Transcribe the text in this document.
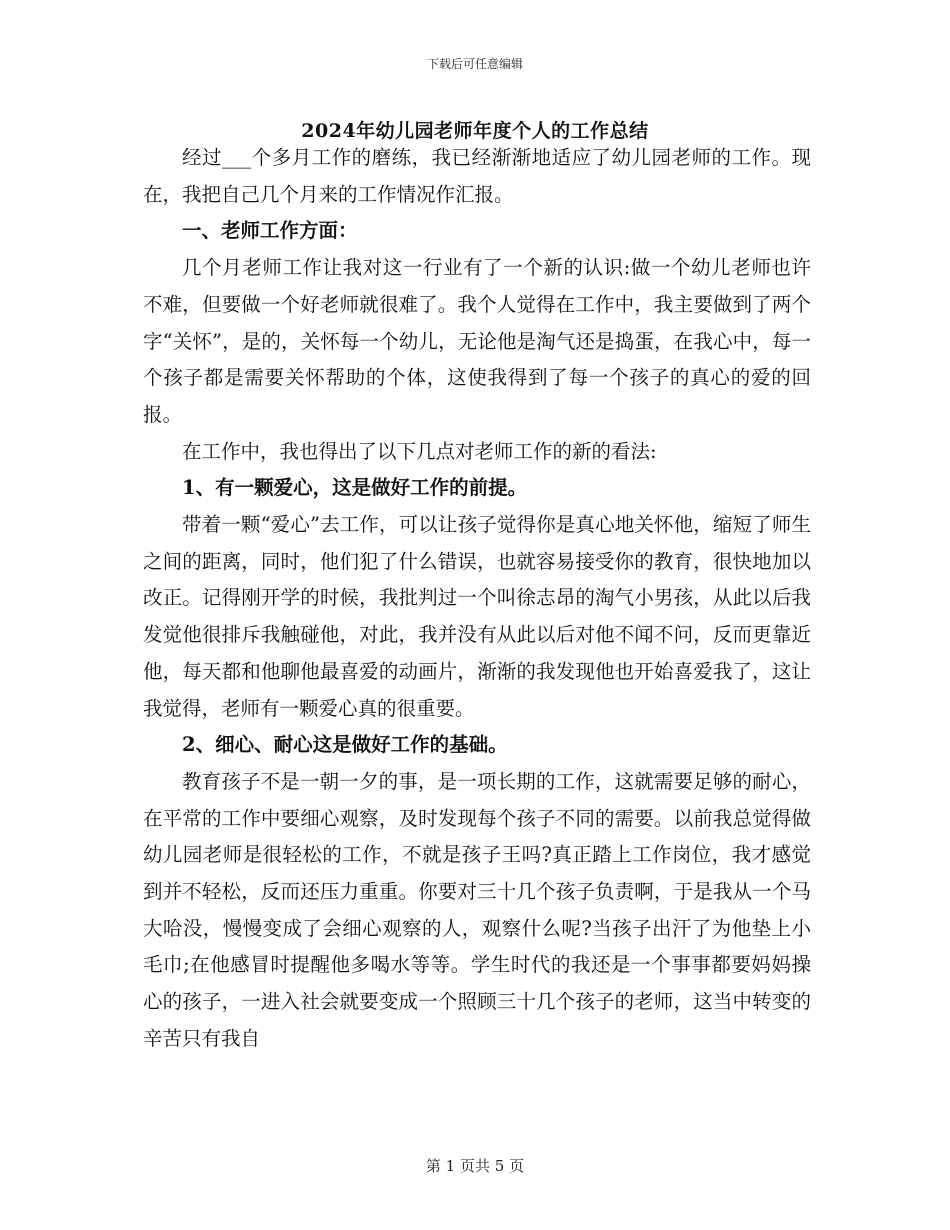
下载后可任意编辑
2024年幼儿园老师年度个人的工作总结

经过___个多月工作的磨练，我已经渐渐地适应了幼儿园老师的工作。现在，我把自己几个月来的工作情况作汇报。

一、老师工作方面：

几个月老师工作让我对这一行业有了一个新的认识:做一个幼儿老师也许不难，但要做一个好老师就很难了。我个人觉得在工作中，我主要做到了两个字“关怀”，是的，关怀每一个幼儿，无论他是淘气还是捣蛋，在我心中，每一个孩子都是需要关怀帮助的个体，这使我得到了每一个孩子的真心的爱的回报。

在工作中，我也得出了以下几点对老师工作的新的看法:

1、有一颗爱心，这是做好工作的前提。

带着一颗“爱心”去工作，可以让孩子觉得你是真心地关怀他，缩短了师生之间的距离，同时，他们犯了什么错误，也就容易接受你的教育，很快地加以改正。记得刚开学的时候，我批判过一个叫徐志昂的淘气小男孩，从此以后我发觉他很排斥我触碰他，对此，我并没有从此以后对他不闻不问，反而更靠近他，每天都和他聊他最喜爱的动画片，渐渐的我发现他也开始喜爱我了，这让我觉得，老师有一颗爱心真的很重要。

2、细心、耐心这是做好工作的基础。

教育孩子不是一朝一夕的事，是一项长期的工作，这就需要足够的耐心，在平常的工作中要细心观察，及时发现每个孩子不同的需要。以前我总觉得做幼儿园老师是很轻松的工作，不就是孩子王吗?真正踏上工作岗位，我才感觉到并不轻松，反而还压力重重。你要对三十几个孩子负责啊，于是我从一个马大哈没，慢慢变成了会细心观察的人，观察什么呢?当孩子出汗了为他垫上小毛巾;在他感冒时提醒他多喝水等等。学生时代的我还是一个事事都要妈妈操心的孩子，一进入社会就要变成一个照顾三十几个孩子的老师，这当中转变的辛苦只有我自

第 1 页共 5 页
